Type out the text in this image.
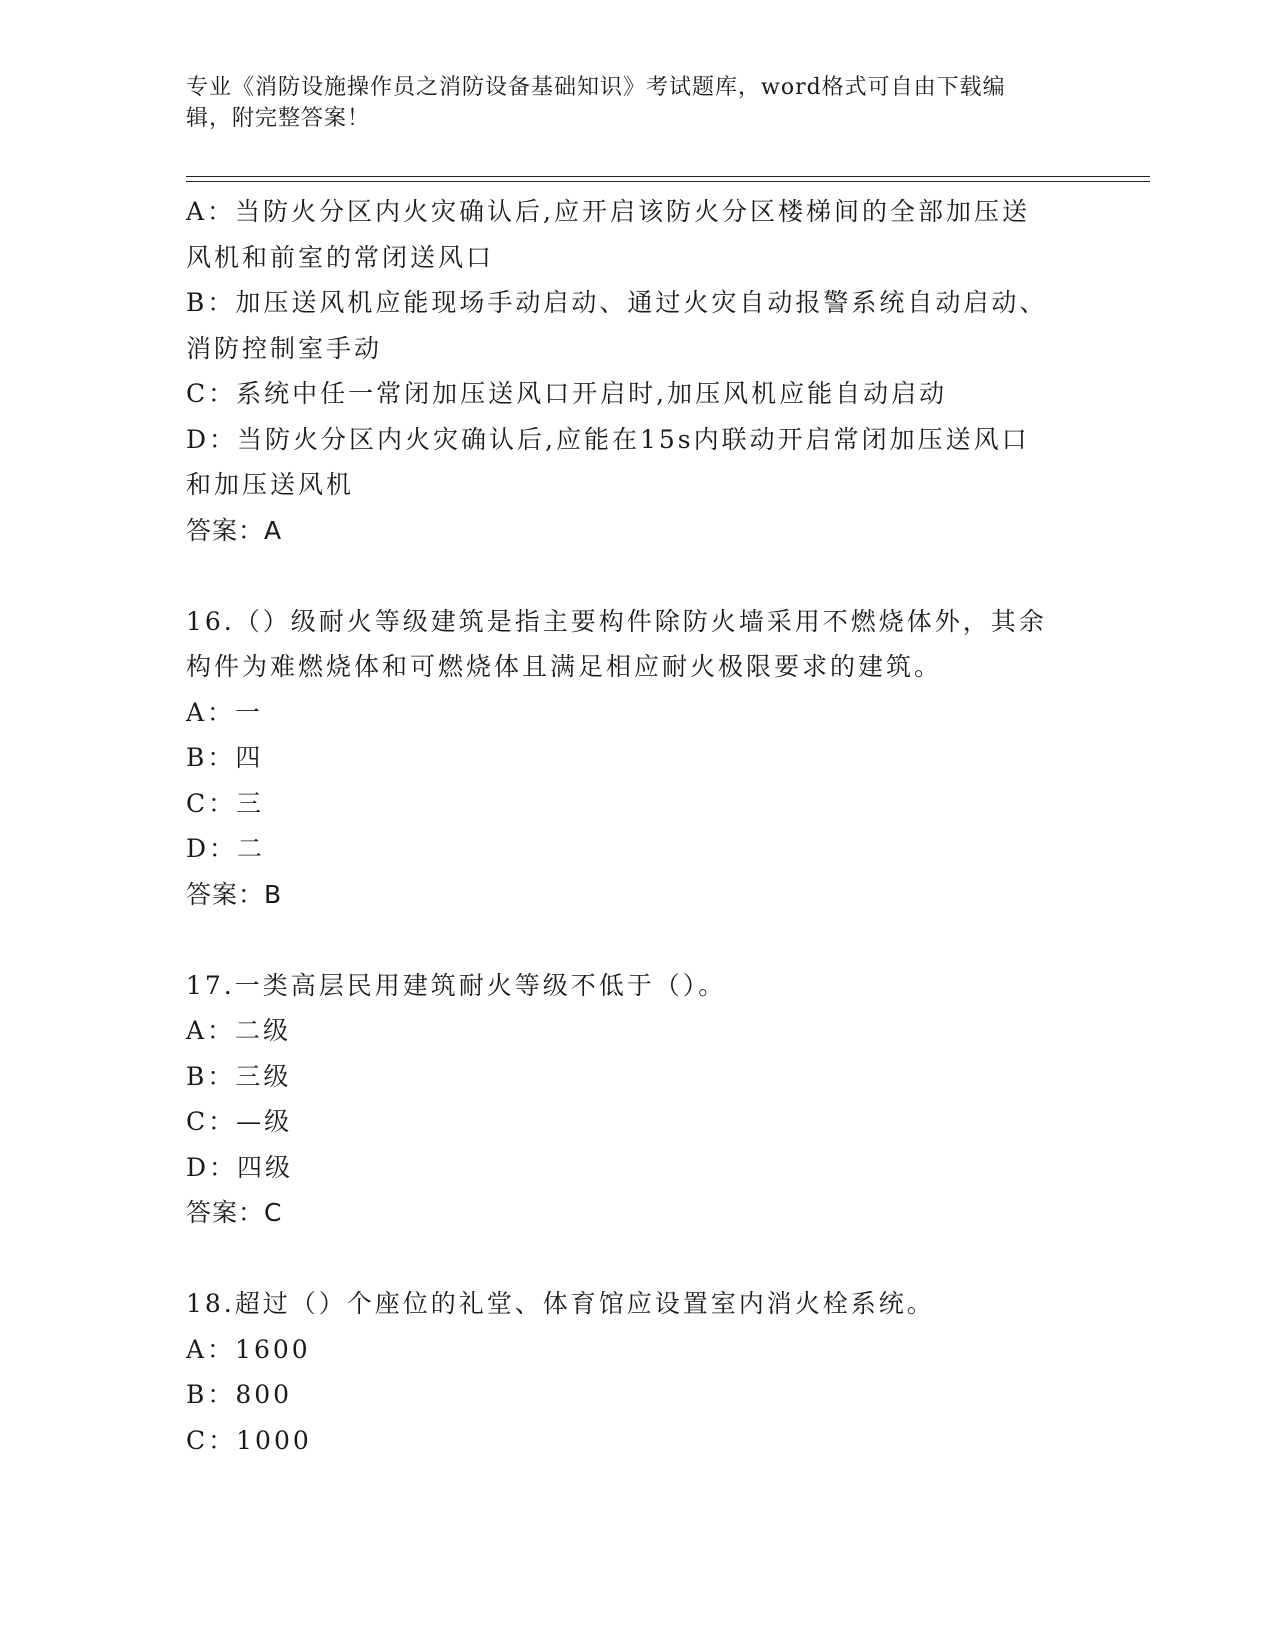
专业《消防设施操作员之消防设备基础知识》考试题库，word格式可自由下载编
辑，附完整答案！
A：当防火分区内火灾确认后,应开启该防火分区楼梯间的全部加压送
风机和前室的常闭送风口
B：加压送风机应能现场手动启动、通过火灾自动报警系统自动启动、
消防控制室手动
C：系统中任一常闭加压送风口开启时,加压风机应能自动启动
D：当防火分区内火灾确认后,应能在15s内联动开启常闭加压送风口
和加压送风机
答案：A
16.（）级耐火等级建筑是指主要构件除防火墙采用不燃烧体外，其余
构件为难燃烧体和可燃烧体且满足相应耐火极限要求的建筑。
A：一
B：四
C：三
D：二
答案：B
17.一类高层民用建筑耐火等级不低于（）。
A：二级
B：三级
C：—级
D：四级
答案：C
18.超过（）个座位的礼堂、体育馆应设置室内消火栓系统。
A：1600
B：800
C：1000
